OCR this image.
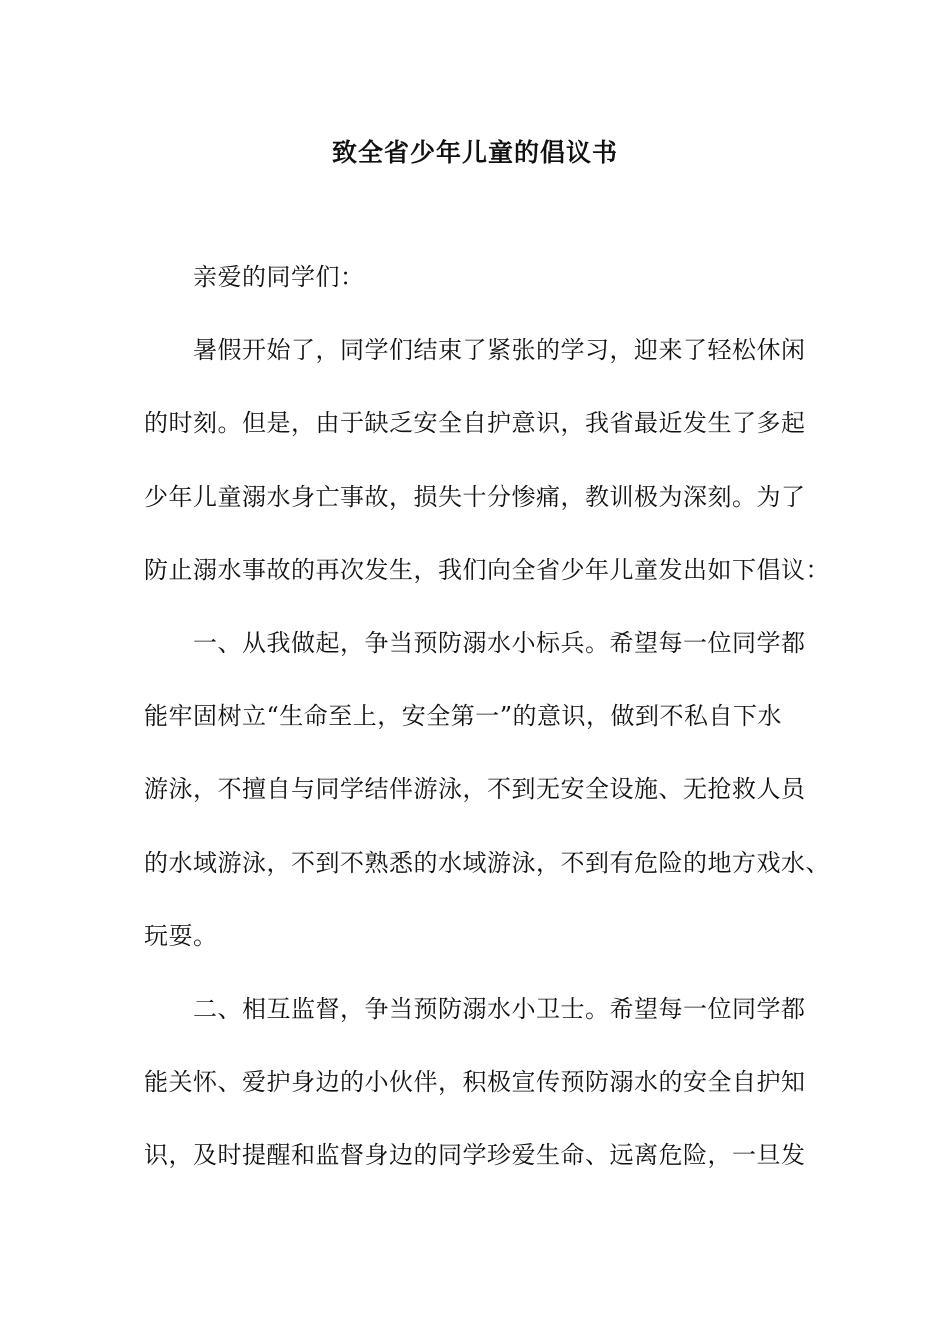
致全省少年儿童的倡议书
亲爱的同学们：
暑假开始了，同学们结束了紧张的学习，迎来了轻松休闲
的时刻。但是，由于缺乏安全自护意识，我省最近发生了多起
少年儿童溺水身亡事故，损失十分惨痛，教训极为深刻。为了
防止溺水事故的再次发生，我们向全省少年儿童发出如下倡议：
一、从我做起，争当预防溺水小标兵。希望每一位同学都
能牢固树立“生命至上，安全第一”的意识，做到不私自下水
游泳，不擅自与同学结伴游泳，不到无安全设施、无抢救人员
的水域游泳，不到不熟悉的水域游泳，不到有危险的地方戏水、
玩耍。
二、相互监督，争当预防溺水小卫士。希望每一位同学都
能关怀、爱护身边的小伙伴，积极宣传预防溺水的安全自护知
识，及时提醒和监督身边的同学珍爱生命、远离危险，一旦发
